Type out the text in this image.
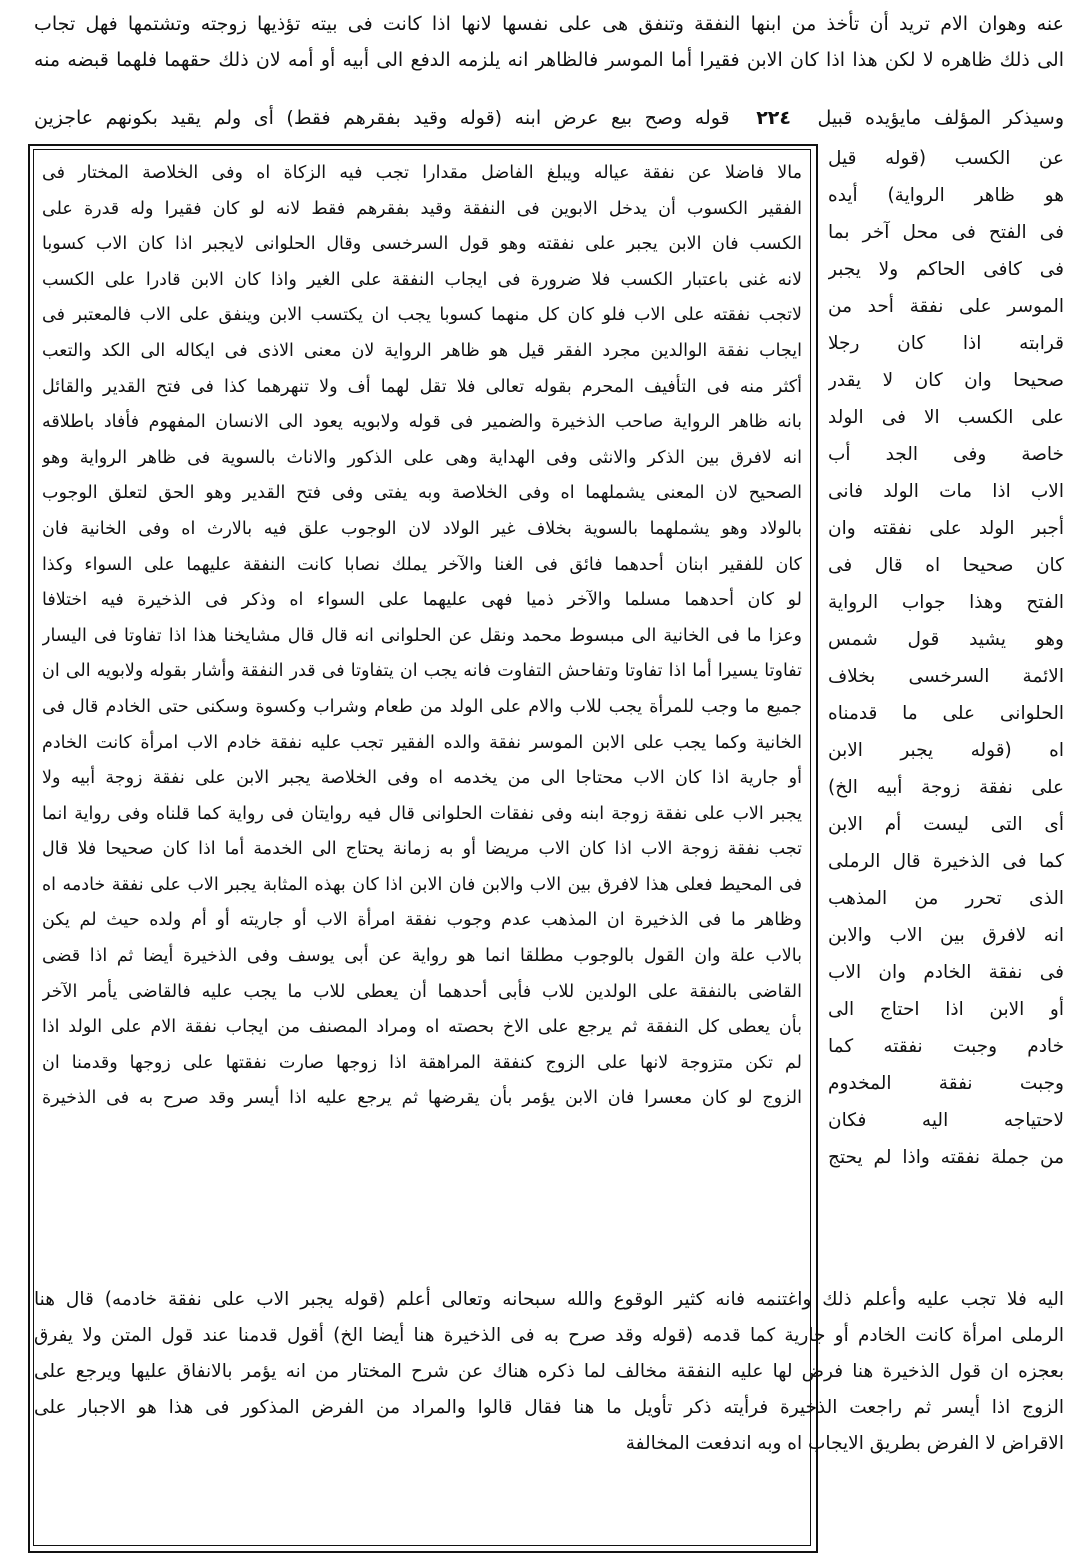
عنه وهوان الام تريد أن تأخذ من ابنها النفقة وتنفق هى على نفسها لانها اذا كانت فى بيته تؤذيها زوجته وتشتمها فهل تجاب
الى ذلك ظاهره لا لكن هذا اذا كان الابن فقيرا أما الموسر فالظاهر انه يلزمه الدفع الى أبيه أو أمه لان ذلك حقهما فلهما قبضه منه
وسيذكر المؤلف مايؤيده قبيل ٢٢٤ قوله وصح بيع عرض ابنه (قوله وقيد بفقرهم فقط) أى ولم يقيد بكونهم عاجزين
مالا فاضلا عن نفقة عياله ويبلغ الفاضل مقدارا تجب فيه الزكاة اه وفى الخلاصة المختار فى
الفقير الكسوب أن يدخل الابوين فى النفقة وقيد بفقرهم فقط لانه لو كان فقيرا وله قدرة على
الكسب فان الابن يجبر على نفقته وهو قول السرخسى وقال الحلوانى لايجبر اذا كان الاب كسوبا
لانه غنى باعتبار الكسب فلا ضرورة فى ايجاب النفقة على الغير واذا كان الابن قادرا على الكسب
لاتجب نفقته على الاب فلو كان كل منهما كسوبا يجب ان يكتسب الابن وينفق على الاب فالمعتبر فى
ايجاب نفقة الوالدين مجرد الفقر قيل هو ظاهر الرواية لان معنى الاذى فى ايكاله الى الكد والتعب
أكثر منه فى التأفيف المحرم بقوله تعالى فلا تقل لهما أف ولا تنهرهما كذا فى فتح القدير والقائل
بانه ظاهر الرواية صاحب الذخيرة والضمير فى قوله ولابويه يعود الى الانسان المفهوم فأفاد باطلاقه
انه لافرق بين الذكر والانثى وفى الهداية وهى على الذكور والاناث بالسوية فى ظاهر الرواية وهو
الصحيح لان المعنى يشملهما اه وفى الخلاصة وبه يفتى وفى فتح القدير وهو الحق لتعلق الوجوب
بالولاد وهو يشملهما بالسوية بخلاف غير الولاد لان الوجوب علق فيه بالارث اه وفى الخانية فان
كان للفقير ابنان أحدهما فائق فى الغنا والآخر يملك نصابا كانت النفقة عليهما على السواء وكذا
لو كان أحدهما مسلما والآخر ذميا فهى عليهما على السواء اه وذكر فى الذخيرة فيه اختلافا
وعزا ما فى الخانية الى مبسوط محمد ونقل عن الحلوانى انه قال قال مشايخنا هذا اذا تفاوتا فى اليسار
تفاوتا يسيرا أما اذا تفاوتا وتفاحش التفاوت فانه يجب ان يتفاوتا فى قدر النفقة وأشار بقوله ولابويه الى ان
جميع ما وجب للمرأة يجب للاب والام على الولد من طعام وشراب وكسوة وسكنى حتى الخادم قال فى
الخانية وكما يجب على الابن الموسر نفقة والده الفقير تجب عليه نفقة خادم الاب امرأة كانت الخادم
أو جارية اذا كان الاب محتاجا الى من يخدمه اه وفى الخلاصة يجبر الابن على نفقة زوجة أبيه ولا
يجبر الاب على نفقة زوجة ابنه وفى نفقات الحلوانى قال فيه روايتان فى رواية كما قلناه وفى رواية انما
تجب نفقة زوجة الاب اذا كان الاب مريضا أو به زمانة يحتاج الى الخدمة أما اذا كان صحيحا فلا قال
فى المحيط فعلى هذا لافرق بين الاب والابن فان الابن اذا كان بهذه المثابة يجبر الاب على نفقة خادمه اه
وظاهر ما فى الذخيرة ان المذهب عدم وجوب نفقة امرأة الاب أو جاريته أو أم ولده حيث لم يكن
بالاب علة وان القول بالوجوب مطلقا انما هو رواية عن أبى يوسف وفى الذخيرة أيضا ثم اذا قضى
القاضى بالنفقة على الولدين للاب فأبى أحدهما أن يعطى للاب ما يجب عليه فالقاضى يأمر الآخر
بأن يعطى كل النفقة ثم يرجع على الاخ بحصته اه ومراد المصنف من ايجاب نفقة الام على الولد اذا
لم تكن متزوجة لانها على الزوج كنفقة المراهقة اذا زوجها صارت نفقتها على زوجها وقدمنا ان
الزوج لو كان معسرا فان الابن يؤمر بأن يقرضها ثم يرجع عليه اذا أيسر وقد صرح به فى الذخيرة
عن الكسب (قوله قيل
هو ظاهر الرواية) أيده
فى الفتح فى محل آخر بما
فى كافى الحاكم ولا يجبر
الموسر على نفقة أحد من
قرابته اذا كان رجلا
صحيحا وان كان لا يقدر
على الكسب الا فى الولد
خاصة وفى الجد أب
الاب اذا مات الولد فانى
أجبر الولد على نفقته وان
كان صحيحا اه قال فى
الفتح وهذا جواب الرواية
وهو يشيد قول شمس
الائمة السرخسى بخلاف
الحلوانى على ما قدمناه
اه (قوله يجبر الابن
على نفقة زوجة أبيه الخ)
أى التى ليست أم الابن
كما فى الذخيرة قال الرملى
الذى تحرر من المذهب
انه لافرق بين الاب والابن
فى نفقة الخادم وان الاب
أو الابن اذا احتاج الى
خادم وجبت نفقته كما
وجبت نفقة المخدوم
لاحتياجه اليه فكان
من جملة نفقته واذا لم يحتج
اليه فلا تجب عليه وأعلم ذلك واغتنمه فانه كثير الوقوع والله سبحانه وتعالى أعلم (قوله يجبر الاب على نفقة خادمه) قال هنا
الرملى امرأة كانت الخادم أو جارية كما قدمه (قوله وقد صرح به فى الذخيرة هنا أيضا الخ) أقول قدمنا عند قول المتن ولا يفرق
بعجزه ان قول الذخيرة هنا فرض لها عليه النفقة مخالف لما ذكره هناك عن شرح المختار من انه يؤمر بالانفاق عليها ويرجع على
الزوج اذا أيسر ثم راجعت الذخيرة فرأيته ذكر تأويل ما هنا فقال قالوا والمراد من الفرض المذكور فى هذا هو الاجبار على
الاقراض لا الفرض بطريق الايجاب اه وبه اندفعت المخالفة
